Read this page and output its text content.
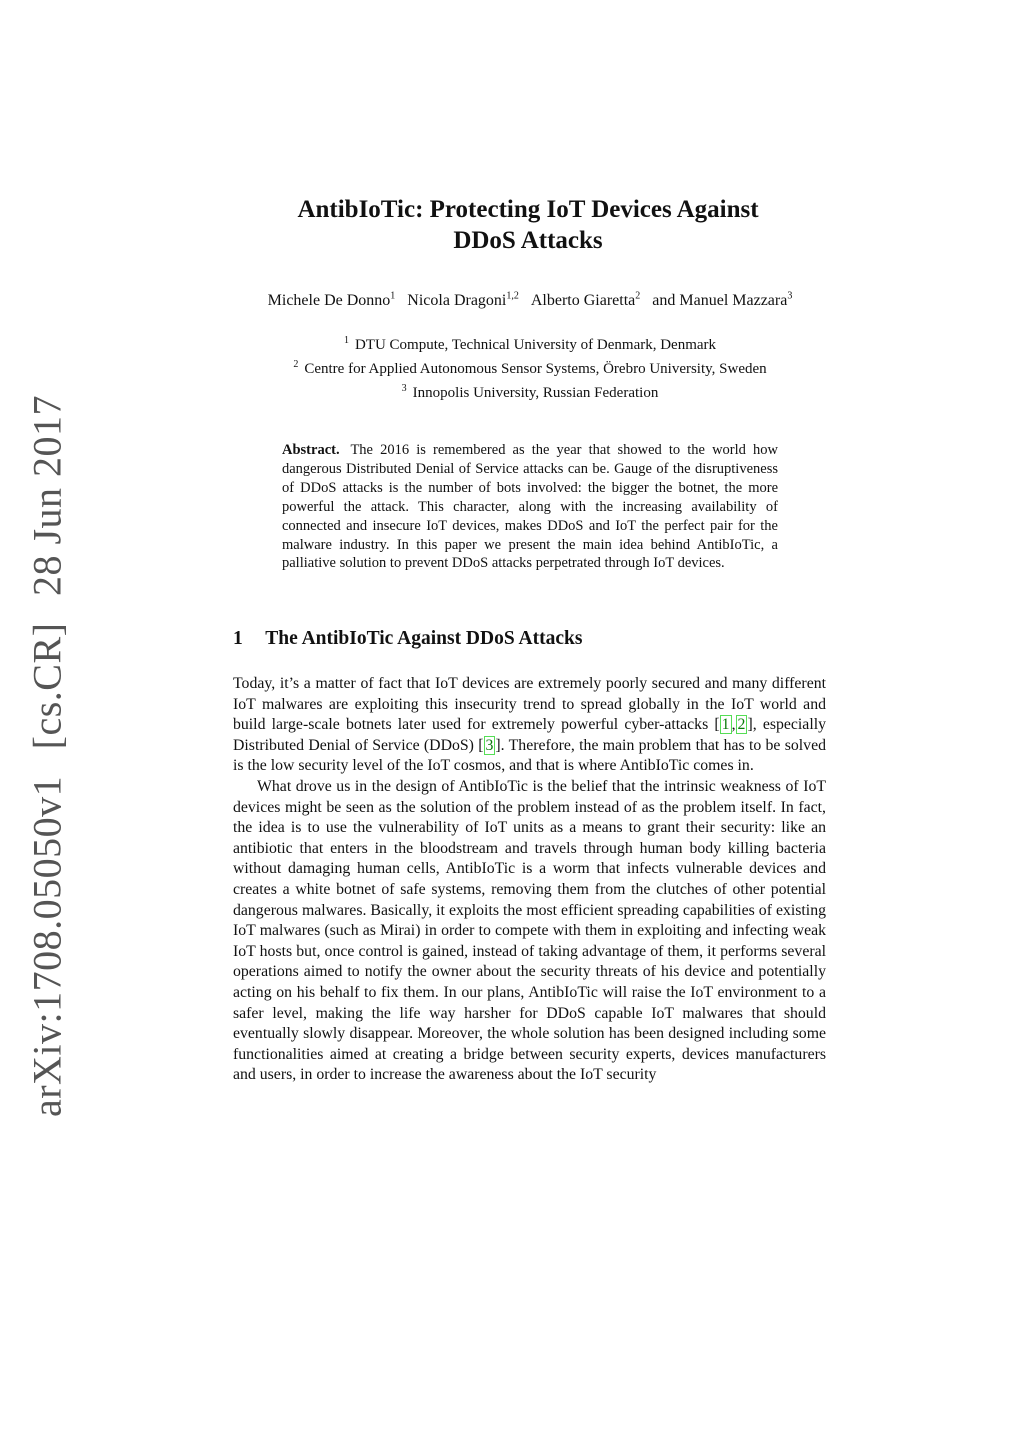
arXiv:1708.05050v1 [cs.CR] 28 Jun 2017
AntibIoTic: Protecting IoT Devices Against
DDoS Attacks
Michele De Donno$^1$ Nicola Dragoni$^{1,2}$ Alberto Giaretta$^2$ and Manuel Mazzara$^3$
$^1$ DTU Compute, Technical University of Denmark, Denmark
$^2$ Centre for Applied Autonomous Sensor Systems, Örebro University, Sweden
$^3$ Innopolis University, Russian Federation
Abstract. The 2016 is remembered as the year that showed to the world how dangerous Distributed Denial of Service attacks can be. Gauge of the disruptiveness of DDoS attacks is the number of bots involved: the bigger the botnet, the more powerful the attack. This character, along with the increasing availability of connected and insecure IoT devices, makes DDoS and IoT the perfect pair for the malware industry. In this paper we present the main idea behind AntibIoTic, a palliative solution to prevent DDoS attacks perpetrated through IoT devices.
1 The AntibIoTic Against DDoS Attacks

Today, it’s a matter of fact that IoT devices are extremely poorly secured and many different IoT malwares are exploiting this insecurity trend to spread globally in the IoT world and build large-scale botnets later used for extremely powerful cyber-attacks [ 1 , 2 ], especially Distributed Denial of Service (DDoS) [ 3 ]. Therefore, the main problem that has to be solved is the low security level of the IoT cosmos, and that is where AntibIoTic comes in.

What drove us in the design of AntibIoTic is the belief that the intrinsic weakness of IoT devices might be seen as the solution of the problem instead of as the problem itself. In fact, the idea is to use the vulnerability of IoT units as a means to grant their security: like an antibiotic that enters in the bloodstream and travels through human body killing bacteria without damaging human cells, AntibIoTic is a worm that infects vulnerable devices and creates a white botnet of safe systems, removing them from the clutches of other potential dangerous malwares. Basically, it exploits the most efficient spreading capabilities of existing IoT malwares (such as Mirai) in order to compete with them in exploiting and infecting weak IoT hosts but, once control is gained, instead of taking advantage of them, it performs several operations aimed to notify the owner about the security threats of his device and potentially acting on his behalf to fix them. In our plans, AntibIoTic will raise the IoT environment to a safer level, making the life way harsher for DDoS capable IoT malwares that should eventually slowly disappear. Moreover, the whole solution has been designed including some functionalities aimed at creating a bridge between security experts, devices manufacturers and users, in order to increase the awareness about the IoT security
